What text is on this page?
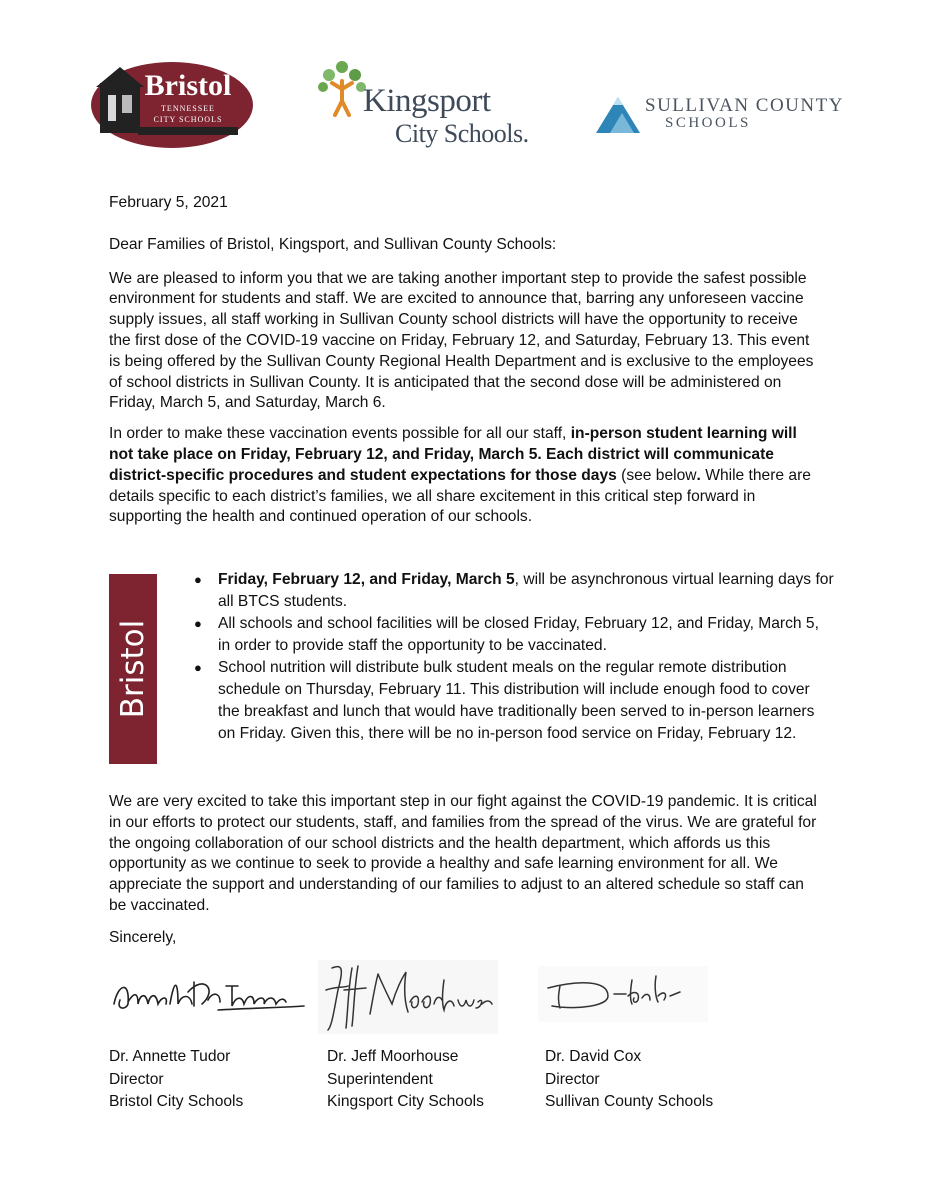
Bristol
TENNESSEE
CITY SCHOOLS
Kingsport
City Schools.
SULLIVAN COUNTY
SCHOOLS

February 5, 2021

Dear Families of Bristol, Kingsport, and Sullivan County Schools:

We are pleased to inform you that we are taking another important step to provide the safest possible environment for students and staff. We are excited to announce that, barring any unforeseen vaccine supply issues, all staff working in Sullivan County school districts will have the opportunity to receive the first dose of the COVID-19 vaccine on Friday, February 12, and Saturday, February 13. This event is being offered by the Sullivan County Regional Health Department and is exclusive to the employees of school districts in Sullivan County. It is anticipated that the second dose will be administered on Friday, March 5, and Saturday, March 6.

In order to make these vaccination events possible for all our staff, in-person student learning will not take place on Friday, February 12, and Friday, March 5. Each district will communicate district-specific procedures and student expectations for those days (see below. While there are details specific to each district’s families, we all share excitement in this critical step forward in supporting the health and continued operation of our schools.

Bristol
● Friday, February 12, and Friday, March 5, will be asynchronous virtual learning days for all BTCS students.
● All schools and school facilities will be closed Friday, February 12, and Friday, March 5, in order to provide staff the opportunity to be vaccinated.
● School nutrition will distribute bulk student meals on the regular remote distribution schedule on Thursday, February 11. This distribution will include enough food to cover the breakfast and lunch that would have traditionally been served to in-person learners on Friday. Given this, there will be no in-person food service on Friday, February 12.

We are very excited to take this important step in our fight against the COVID-19 pandemic. It is critical in our efforts to protect our students, staff, and families from the spread of the virus. We are grateful for the ongoing collaboration of our school districts and the health department, which affords us this opportunity as we continue to seek to provide a healthy and safe learning environment for all. We appreciate the support and understanding of our families to adjust to an altered schedule so staff can be vaccinated.

Sincerely,

Dr. Annette Tudor
Director
Bristol City Schools
Dr. Jeff Moorhouse
Superintendent
Kingsport City Schools
Dr. David Cox
Director
Sullivan County Schools
